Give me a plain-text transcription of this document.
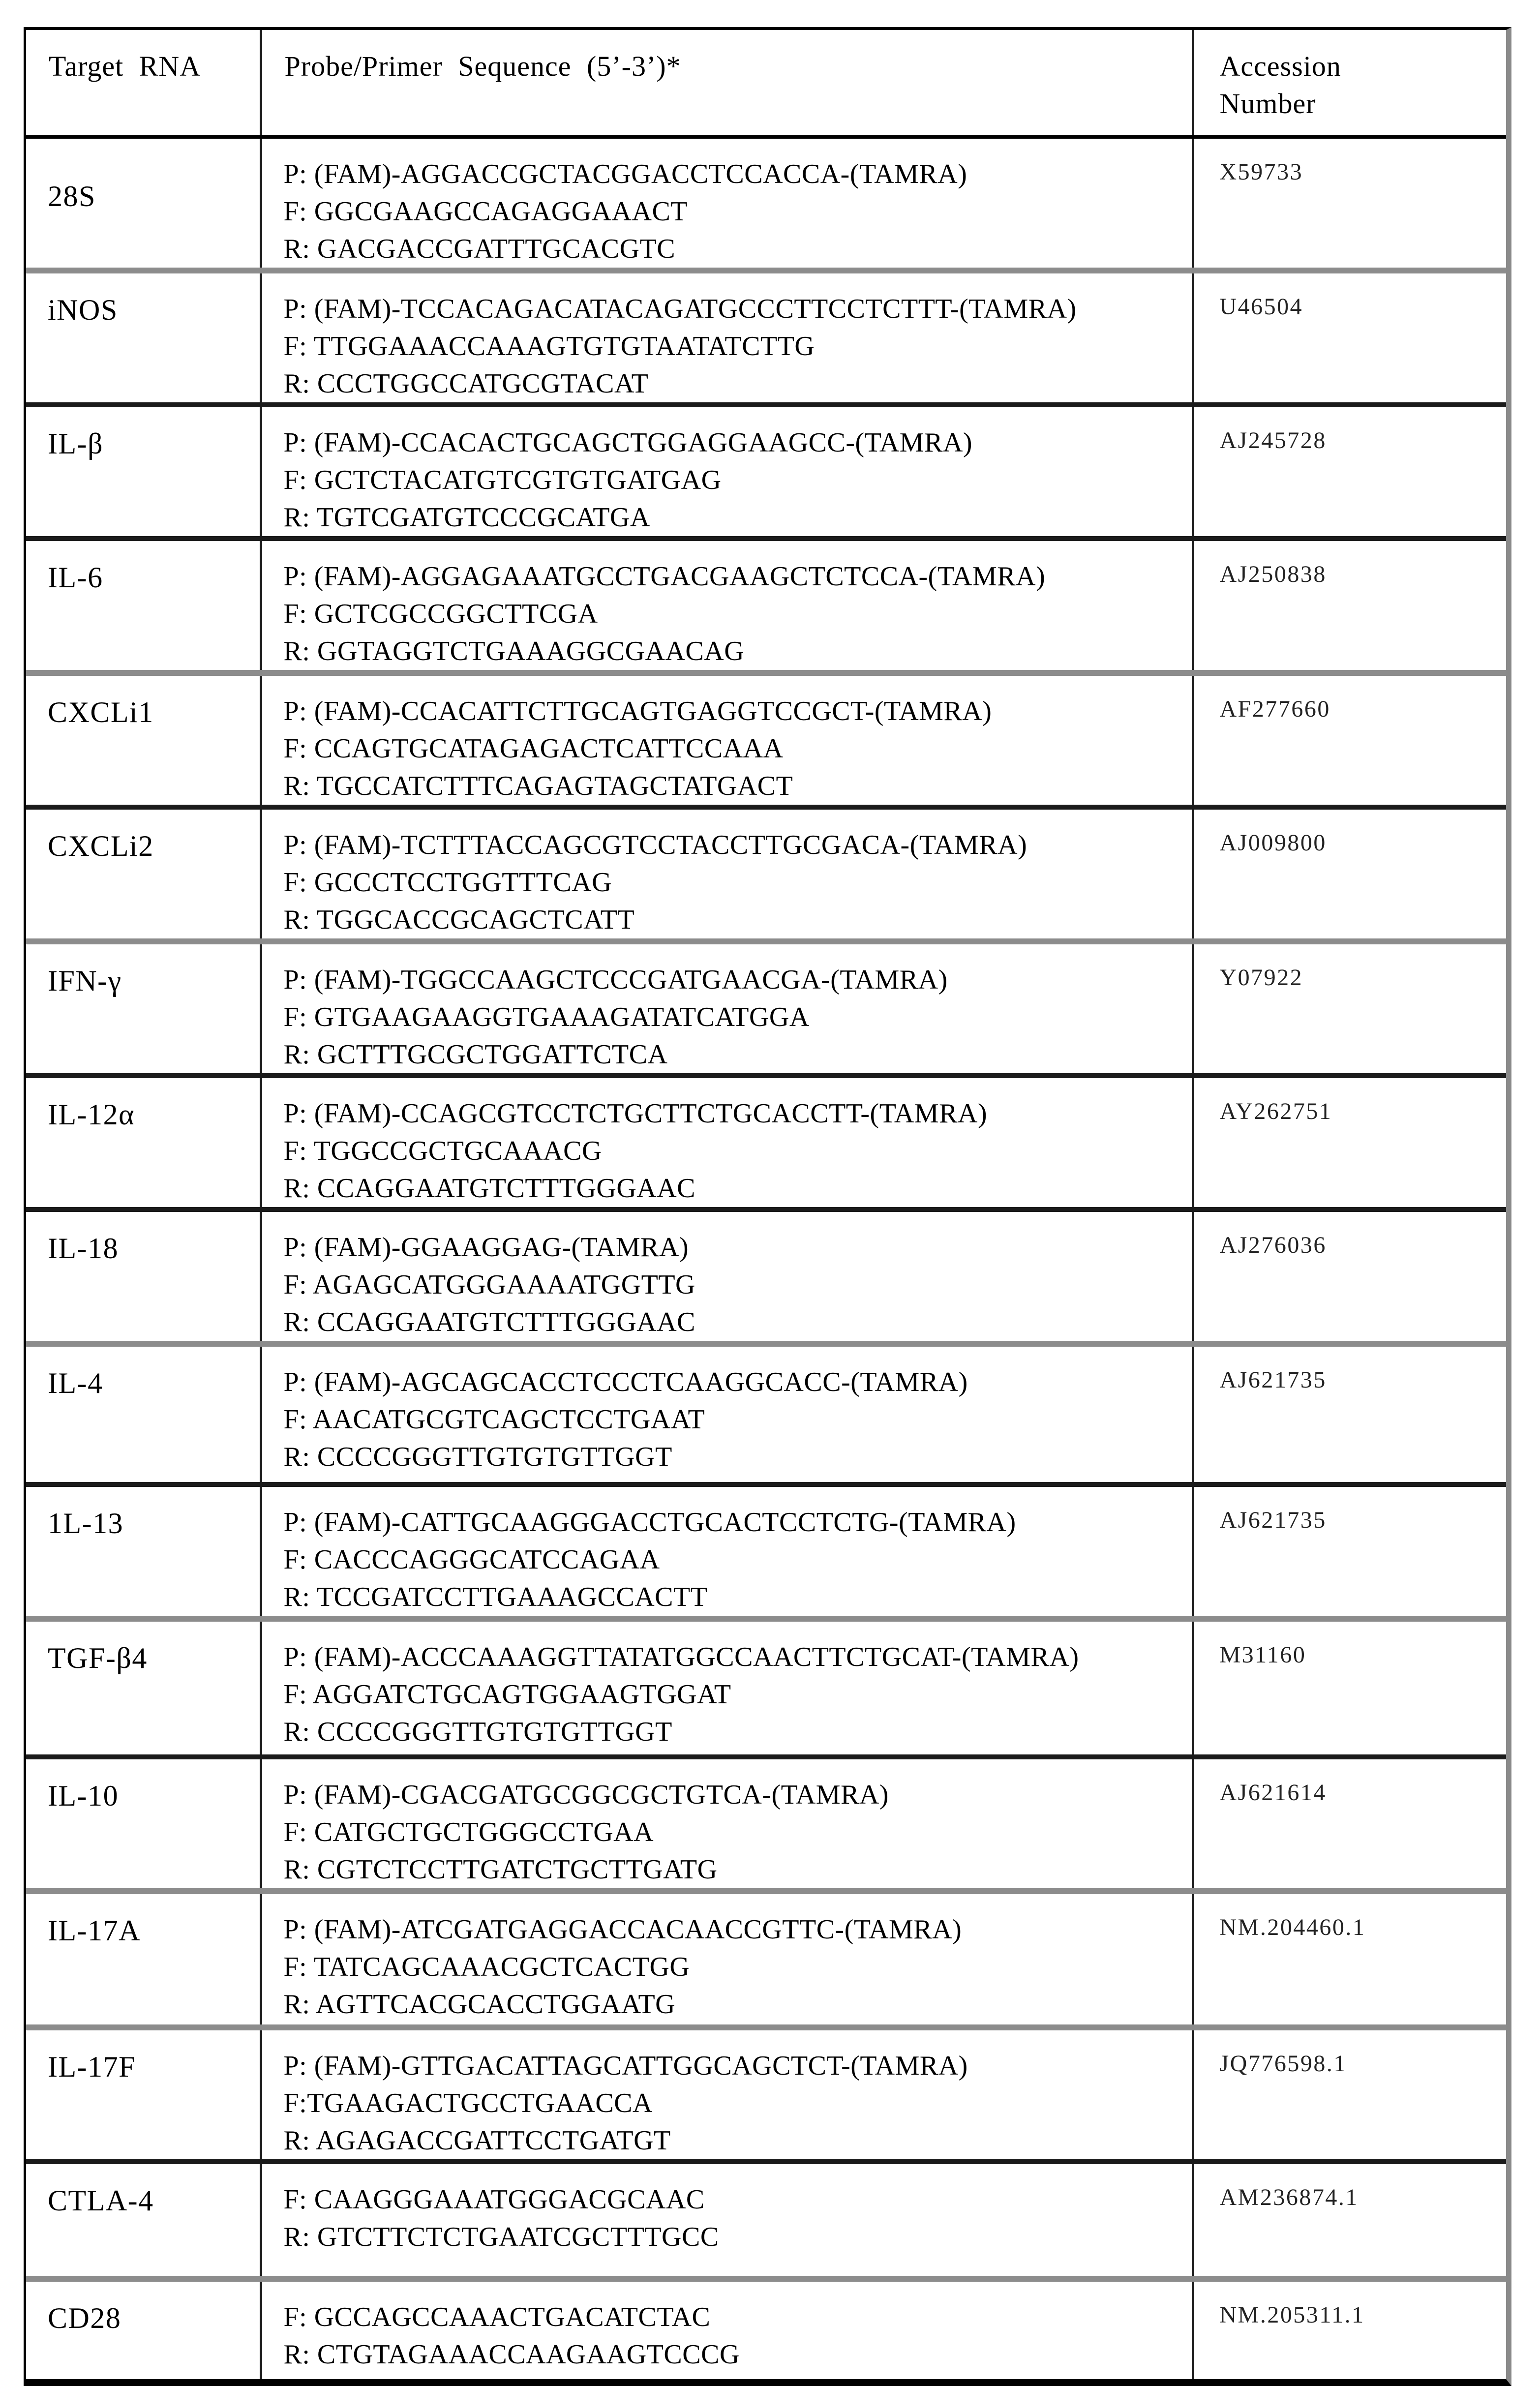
Target RNA	Probe/Primer Sequence (5’-3’)*	Accession Number
28S	P: (FAM)-AGGACCGCTACGGACCTCCACCA-(TAMRA)
F: GGCGAAGCCAGAGGAAACT
R: GACGACCGATTTGCACGTC	X59733
iNOS	P: (FAM)-TCCACAGACATACAGATGCCCTTCCTCTTT-(TAMRA)
F: TTGGAAACCAAAGTGTGTAATATCTTG
R: CCCTGGCCATGCGTACAT	U46504
IL-β	P: (FAM)-CCACACTGCAGCTGGAGGAAGCC-(TAMRA)
F: GCTCTACATGTCGTGTGATGAG
R: TGTCGATGTCCCGCATGA	AJ245728
IL-6	P: (FAM)-AGGAGAAATGCCTGACGAAGCTCTCCA-(TAMRA)
F: GCTCGCCGGCTTCGA
R: GGTAGGTCTGAAAGGCGAACAG	AJ250838
CXCLi1	P: (FAM)-CCACATTCTTGCAGTGAGGTCCGCT-(TAMRA)
F: CCAGTGCATAGAGACTCATTCCAAA
R: TGCCATCTTTCAGAGTAGCTATGACT	AF277660
CXCLi2	P: (FAM)-TCTTTACCAGCGTCCTACCTTGCGACA-(TAMRA)
F: GCCCTCCTGGTTTCAG
R: TGGCACCGCAGCTCATT	AJ009800
IFN-γ	P: (FAM)-TGGCCAAGCTCCCGATGAACGA-(TAMRA)
F: GTGAAGAAGGTGAAAGATATCATGGA
R: GCTTTGCGCTGGATTCTCA	Y07922
IL-12α	P: (FAM)-CCAGCGTCCTCTGCTTCTGCACCTT-(TAMRA)
F: TGGCCGCTGCAAACG
R: CCAGGAATGTCTTTGGGAAC	AY262751
IL-18	P: (FAM)-GGAAGGAG-(TAMRA)
F: AGAGCATGGGAAAATGGTTG
R: CCAGGAATGTCTTTGGGAAC	AJ276036
IL-4	P: (FAM)-AGCAGCACCTCCCTCAAGGCACC-(TAMRA)
F: AACATGCGTCAGCTCCTGAAT
R: CCCCGGGTTGTGTGTTGGT	AJ621735
1L-13	P: (FAM)-CATTGCAAGGGACCTGCACTCCTCTG-(TAMRA)
F: CACCCAGGGCATCCAGAA
R: TCCGATCCTTGAAAGCCACTT	AJ621735
TGF-β4	P: (FAM)-ACCCAAAGGTTATATGGCCAACTTCTGCAT-(TAMRA)
F: AGGATCTGCAGTGGAAGTGGAT
R: CCCCGGGTTGTGTGTTGGT	M31160
IL-10	P: (FAM)-CGACGATGCGGCGCTGTCA-(TAMRA)
F: CATGCTGCTGGGCCTGAA
R: CGTCTCCTTGATCTGCTTGATG	AJ621614
IL-17A	P: (FAM)-ATCGATGAGGACCACAACCGTTC-(TAMRA)
F: TATCAGCAAACGCTCACTGG
R: AGTTCACGCACCTGGAATG	NM.204460.1
IL-17F	P: (FAM)-GTTGACATTAGCATTGGCAGCTCT-(TAMRA)
F:TGAAGACTGCCTGAACCA
R: AGAGACCGATTCCTGATGT	JQ776598.1
CTLA-4	F: CAAGGGAAATGGGACGCAAC
R: GTCTTCTCTGAATCGCTTTGCC	AM236874.1
CD28	F: GCCAGCCAAACTGACATCTAC
R: CTGTAGAAACCAAGAAGTCCCG	NM.205311.1
